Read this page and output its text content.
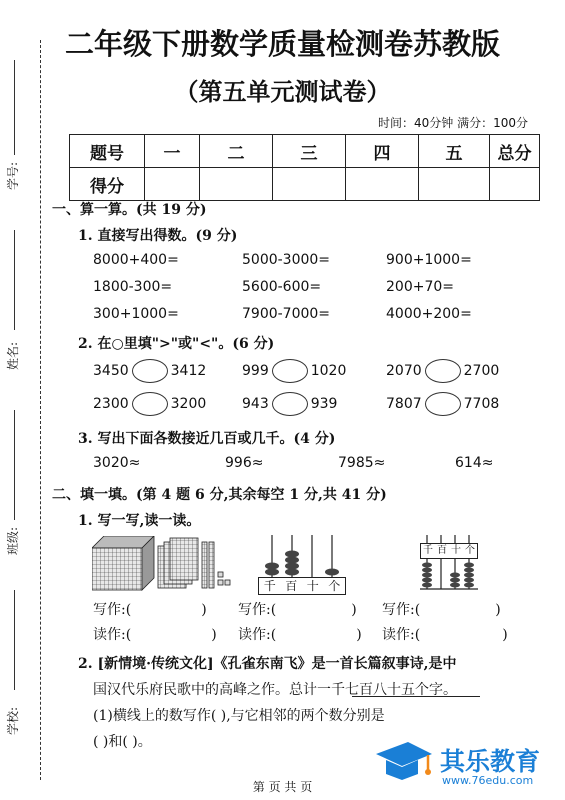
学号:
姓名:
班级:
学校:
二年级下册数学质量检测卷苏教版
（第五单元测试卷）
时间：40分钟 满分：100分
题号	一	二	三	四	五	总分
得分						
一、算一算。(共 19 分)
1. 直接写出得数。(9 分)
8000+400=	5000-3000=	900+1000=
1800-300=	5600-600=	200+70=
300+1000=	7900-7000=	4000+200=
2. 在○里填">"或"<"。(6 分)
3450	3412	999	1020	2070	2700
2300	3200	943	939	7807	7708
3. 写出下面各数接近几百或几千。(4 分)
3020≈	996≈	7985≈	614≈
二、填一填。(第 4 题 6 分,其余每空 1 分,共 41 分)
1. 写一写,读一读。
千 百 十 个
千 百 十 个
写作:(	) 写作:(	) 写作:(	)
读作:(	) 读作:(	) 读作:(	)
2. [新情境·传统文化]《孔雀东南飞》是一首长篇叙事诗,是中
国汉代乐府民歌中的高峰之作。总计一千七百八十五个字。
(1)横线上的数写作( ),与它相邻的两个数分别是
( )和( )。
第 页 共 页
其乐教育
www.76edu.com
